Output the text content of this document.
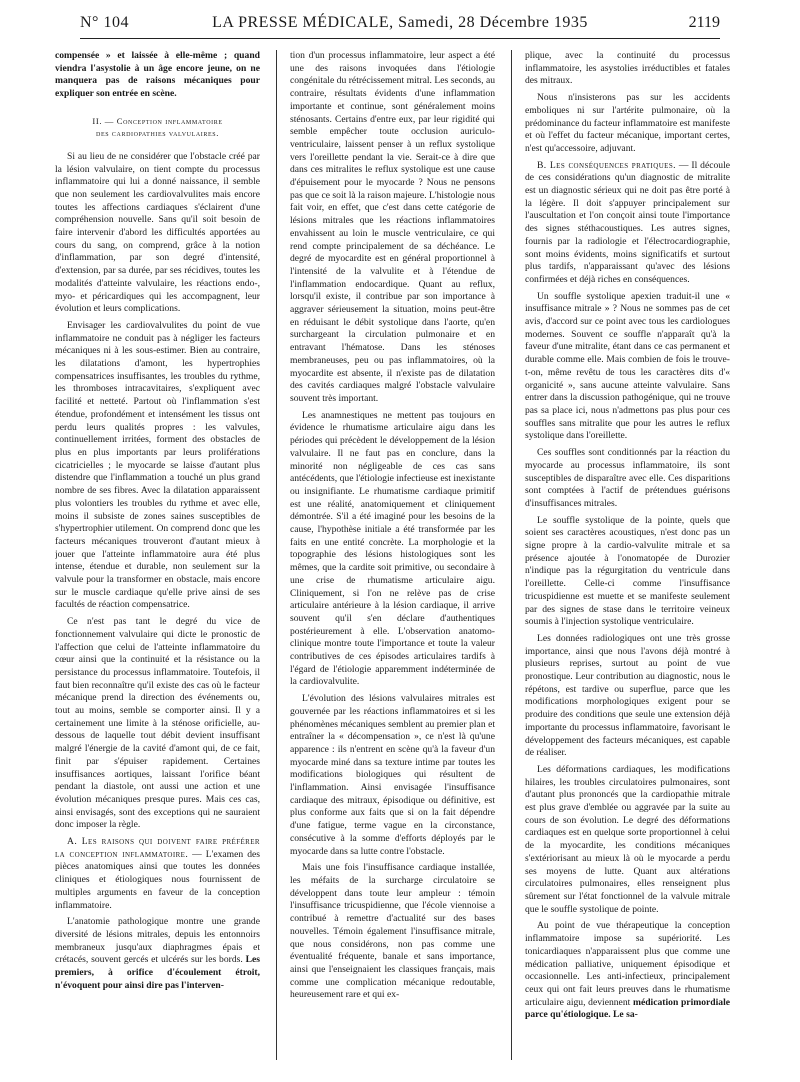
N° 104	LA PRESSE MÉDICALE, Samedi, 28 Décembre 1935	2119

compensée » et laissée à elle-même ; quand viendra l'asystolie à un âge encore jeune, on ne manquera pas de raisons mécaniques pour expliquer son entrée en scène.

II. — Conception inflammatoire
des cardiopathies valvulaires.

Si au lieu de ne considérer que l'obstacle créé par la lésion valvulaire, on tient compte du processus inflammatoire qui lui a donné naissance, il semble que non seulement les cardiovalvulites mais encore toutes les affections cardiaques s'éclairent d'une compréhension nouvelle. Sans qu'il soit besoin de faire intervenir d'abord les difficultés apportées au cours du sang, on comprend, grâce à la notion d'inflammation, par son degré d'intensité, d'extension, par sa durée, par ses récidives, toutes les modalités d'atteinte valvulaire, les réactions endo-, myo- et péricardiques qui les accompagnent, leur évolution et leurs complications.

Envisager les cardiovalvulites du point de vue inflammatoire ne conduit pas à négliger les facteurs mécaniques ni à les sous-estimer. Bien au contraire, les dilatations d'amont, les hypertrophies compensatrices insuffisantes, les troubles du rythme, les thromboses intracavitaires, s'expliquent avec facilité et netteté. Partout où l'inflammation s'est étendue, profondément et intensément les tissus ont perdu leurs qualités propres : les valvules, continuellement irritées, forment des obstacles de plus en plus importants par leurs proliférations cicatricielles ; le myocarde se laisse d'autant plus distendre que l'inflammation a touché un plus grand nombre de ses fibres. Avec la dilatation apparaissent plus volontiers les troubles du rythme et avec elle, moins il subsiste de zones saines susceptibles de s'hypertrophier utilement. On comprend donc que les facteurs mécaniques trouveront d'autant mieux à jouer que l'atteinte inflammatoire aura été plus intense, étendue et durable, non seulement sur la valvule pour la transformer en obstacle, mais encore sur le muscle cardiaque qu'elle prive ainsi de ses facultés de réaction compensatrice.

Ce n'est pas tant le degré du vice de fonctionnement valvulaire qui dicte le pronostic de l'affection que celui de l'atteinte inflammatoire du cœur ainsi que la continuité et la résistance ou la persistance du processus inflammatoire. Toutefois, il faut bien reconnaître qu'il existe des cas où le facteur mécanique prend la direction des événements ou, tout au moins, semble se comporter ainsi. Il y a certainement une limite à la sténose orificielle, au-dessous de laquelle tout débit devient insuffisant malgré l'énergie de la cavité d'amont qui, de ce fait, finit par s'épuiser rapidement. Certaines insuffisances aortiques, laissant l'orifice béant pendant la diastole, ont aussi une action et une évolution mécaniques presque pures. Mais ces cas, ainsi envisagés, sont des exceptions qui ne sauraient donc imposer la règle.

A. Les raisons qui doivent faire préférer la conception inflammatoire. — L'examen des pièces anatomiques ainsi que toutes les données cliniques et étiologiques nous fournissent de multiples arguments en faveur de la conception inflammatoire.

L'anatomie pathologique montre une grande diversité de lésions mitrales, depuis les entonnoirs membraneux jusqu'aux diaphragmes épais et crétacés, souvent gercés et ulcérés sur les bords. Les premiers, à orifice d'écoulement étroit, n'évoquent pour ainsi dire pas l'interven-

tion d'un processus inflammatoire, leur aspect a été une des raisons invoquées dans l'étiologie congénitale du rétrécissement mitral. Les seconds, au contraire, résultats évidents d'une inflammation importante et continue, sont généralement moins sténosants. Certains d'entre eux, par leur rigidité qui semble empêcher toute occlusion auriculo-ventriculaire, laissent penser à un reflux systolique vers l'oreillette pendant la vie. Serait-ce à dire que dans ces mitralites le reflux systolique est une cause d'épuisement pour le myocarde ? Nous ne pensons pas que ce soit là la raison majeure. L'histologie nous fait voir, en effet, que c'est dans cette catégorie de lésions mitrales que les réactions inflammatoires envahissent au loin le muscle ventriculaire, ce qui rend compte principalement de sa déchéance. Le degré de myocardite est en général proportionnel à l'intensité de la valvulite et à l'étendue de l'inflammation endocardique. Quant au reflux, lorsqu'il existe, il contribue par son importance à aggraver sérieusement la situation, moins peut-être en réduisant le débit systolique dans l'aorte, qu'en surchargeant la circulation pulmonaire et en entravant l'hématose. Dans les sténoses membraneuses, peu ou pas inflammatoires, où la myocardite est absente, il n'existe pas de dilatation des cavités cardiaques malgré l'obstacle valvulaire souvent très important.

Les anamnestiques ne mettent pas toujours en évidence le rhumatisme articulaire aigu dans les périodes qui précèdent le développement de la lésion valvulaire. Il ne faut pas en conclure, dans la minorité non négligeable de ces cas sans antécédents, que l'étiologie infectieuse est inexistante ou insignifiante. Le rhumatisme cardiaque primitif est une réalité, anatomiquement et cliniquement démontrée. S'il a été imaginé pour les besoins de la cause, l'hypothèse initiale a été transformée par les faits en une entité concrète. La morphologie et la topographie des lésions histologiques sont les mêmes, que la cardite soit primitive, ou secondaire à une crise de rhumatisme articulaire aigu. Cliniquement, si l'on ne relève pas de crise articulaire antérieure à la lésion cardiaque, il arrive souvent qu'il s'en déclare d'authentiques postérieurement à elle. L'observation anatomo-clinique montre toute l'importance et toute la valeur contributives de ces épisodes articulaires tardifs à l'égard de l'étiologie apparemment indéterminée de la cardiovalvulite.

L'évolution des lésions valvulaires mitrales est gouvernée par les réactions inflammatoires et si les phénomènes mécaniques semblent au premier plan et entraîner la « décompensation », ce n'est là qu'une apparence : ils n'entrent en scène qu'à la faveur d'un myocarde miné dans sa texture intime par toutes les modifications biologiques qui résultent de l'inflammation. Ainsi envisagée l'insuffisance cardiaque des mitraux, épisodique ou définitive, est plus conforme aux faits que si on la fait dépendre d'une fatigue, terme vague en la circonstance, consécutive à la somme d'efforts déployés par le myocarde dans sa lutte contre l'obstacle.

Mais une fois l'insuffisance cardiaque installée, les méfaits de la surcharge circulatoire se développent dans toute leur ampleur : témoin l'insuffisance tricuspidienne, que l'école viennoise a contribué à remettre d'actualité sur des bases nouvelles. Témoin également l'insuffisance mitrale, que nous considérons, non pas comme une éventualité fréquente, banale et sans importance, ainsi que l'enseignaient les classiques français, mais comme une complication mécanique redoutable, heureusement rare et qui ex-

plique, avec la continuité du processus inflammatoire, les asystolies irréductibles et fatales des mitraux.

Nous n'insisterons pas sur les accidents emboliques ni sur l'artérite pulmonaire, où la prédominance du facteur inflammatoire est manifeste et où l'effet du facteur mécanique, important certes, n'est qu'accessoire, adjuvant.

B. Les conséquences pratiques. — Il découle de ces considérations qu'un diagnostic de mitralite est un diagnostic sérieux qui ne doit pas être porté à la légère. Il doit s'appuyer principalement sur l'auscultation et l'on conçoit ainsi toute l'importance des signes stéthacoustiques. Les autres signes, fournis par la radiologie et l'électrocardiographie, sont moins évidents, moins significatifs et surtout plus tardifs, n'apparaissant qu'avec des lésions confirmées et déjà riches en conséquences.

Un souffle systolique apexien traduit-il une « insuffisance mitrale » ? Nous ne sommes pas de cet avis, d'accord sur ce point avec tous les cardiologues modernes. Souvent ce souffle n'apparaît qu'à la faveur d'une mitralite, étant dans ce cas permanent et durable comme elle. Mais combien de fois le trouve-t-on, même revêtu de tous les caractères dits d'« organicité », sans aucune atteinte valvulaire. Sans entrer dans la discussion pathogénique, qui ne trouve pas sa place ici, nous n'admettons pas plus pour ces souffles sans mitralite que pour les autres le reflux systolique dans l'oreillette.

Ces souffles sont conditionnés par la réaction du myocarde au processus inflammatoire, ils sont susceptibles de disparaître avec elle. Ces disparitions sont comptées à l'actif de prétendues guérisons d'insuffisances mitrales.

Le souffle systolique de la pointe, quels que soient ses caractères acoustiques, n'est donc pas un signe propre à la cardio-valvulite mitrale et sa présence ajoutée à l'onomatopée de Durozier n'indique pas la régurgitation du ventricule dans l'oreillette. Celle-ci comme l'insuffisance tricuspidienne est muette et se manifeste seulement par des signes de stase dans le territoire veineux soumis à l'injection systolique ventriculaire.

Les données radiologiques ont une très grosse importance, ainsi que nous l'avons déjà montré à plusieurs reprises, surtout au point de vue pronostique. Leur contribution au diagnostic, nous le répétons, est tardive ou superflue, parce que les modifications morphologiques exigent pour se produire des conditions que seule une extension déjà importante du processus inflammatoire, favorisant le développement des facteurs mécaniques, est capable de réaliser.

Les déformations cardiaques, les modifications hilaires, les troubles circulatoires pulmonaires, sont d'autant plus prononcés que la cardiopathie mitrale est plus grave d'emblée ou aggravée par la suite au cours de son évolution. Le degré des déformations cardiaques est en quelque sorte proportionnel à celui de la myocardite, les conditions mécaniques s'extériorisant au mieux là où le myocarde a perdu ses moyens de lutte. Quant aux altérations circulatoires pulmonaires, elles renseignent plus sûrement sur l'état fonctionnel de la valvule mitrale que le souffle systolique de pointe.

Au point de vue thérapeutique la conception inflammatoire impose sa supériorité. Les tonicardiaques n'apparaissent plus que comme une médication palliative, uniquement épisodique et occasionnelle. Les anti-infectieux, principalement ceux qui ont fait leurs preuves dans le rhumatisme articulaire aigu, deviennent médication primordiale parce qu'étiologique. Le sa-
